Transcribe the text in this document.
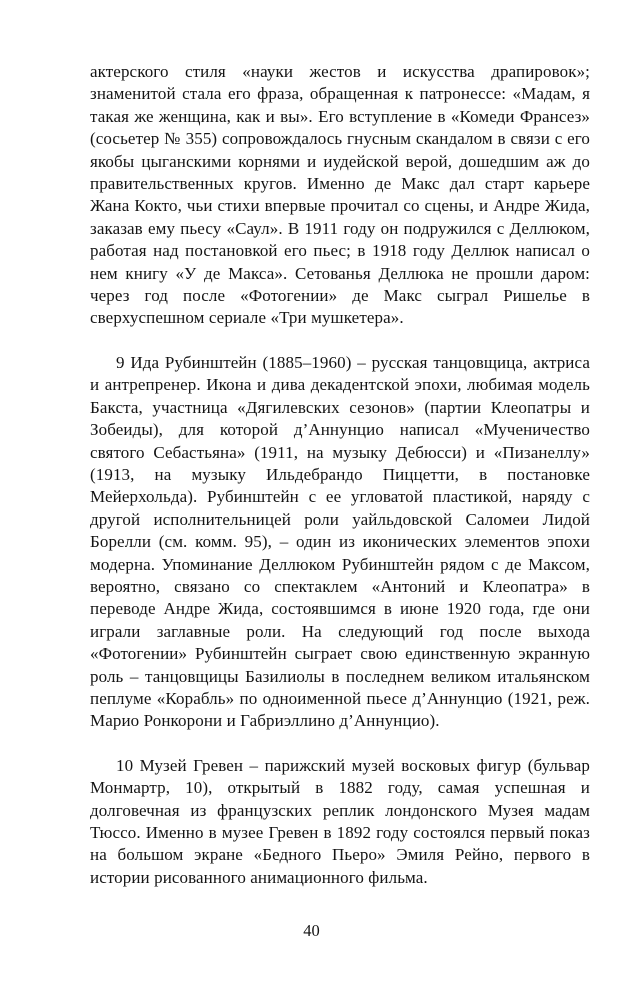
актерского стиля «науки жестов и искусства драпировок»; знаменитой стала его фраза, обращенная к патронессе: «Мадам, я такая же женщина, как и вы». Его вступление в «Комеди Франсез» (сосьетер № 355) сопровождалось гнусным скандалом в связи с его якобы цыганскими корнями и иудейской верой, дошедшим аж до правительственных кругов. Именно де Макс дал старт карьере Жана Кокто, чьи стихи впервые прочитал со сцены, и Андре Жида, заказав ему пьесу «Саул». В 1911 году он подружился с Деллюком, работая над постановкой его пьес; в 1918 году Деллюк написал о нем книгу «У де Макса». Сетованья Деллюка не прошли даром: через год после «Фотогении» де Макс сыграл Ришелье в сверхуспешном сериале «Три мушкетера».

9 Ида Рубинштейн (1885–1960) – русская танцовщица, актриса и антрепренер. Икона и дива декадентской эпохи, любимая модель Бакста, участница «Дягилевских сезонов» (партии Клеопатры и Зобеиды), для которой д’Аннунцио написал «Мученичество святого Себастьяна» (1911, на музыку Дебюсси) и «Пизанеллу» (1913, на музыку Ильдебрандо Пиццетти, в постановке Мейерхольда). Рубинштейн с ее угловатой пластикой, наряду с другой исполнительницей роли уайльдовской Саломеи Лидой Борелли (см. комм. 95), – один из иконических элементов эпохи модерна. Упоминание Деллюком Рубинштейн рядом с де Максом, вероятно, связано со спектаклем «Антоний и Клеопатра» в переводе Андре Жида, состоявшимся в июне 1920 года, где они играли заглавные роли. На следующий год после выхода «Фотогении» Рубинштейн сыграет свою единственную экранную роль – танцовщицы Базилиолы в последнем великом итальянском пеплуме «Корабль» по одноименной пьесе д’Аннунцио (1921, реж. Марио Ронкорони и Габриэллино д’Аннунцио).

10 Музей Гревен – парижский музей восковых фигур (бульвар Монмартр, 10), открытый в 1882 году, самая успешная и долговечная из французских реплик лондонского Музея мадам Тюссо. Именно в музее Гревен в 1892 году состоялся первый показ на большом экране «Бедного Пьеро» Эмиля Рейно, первого в истории рисованного анимационного фильма.

40
